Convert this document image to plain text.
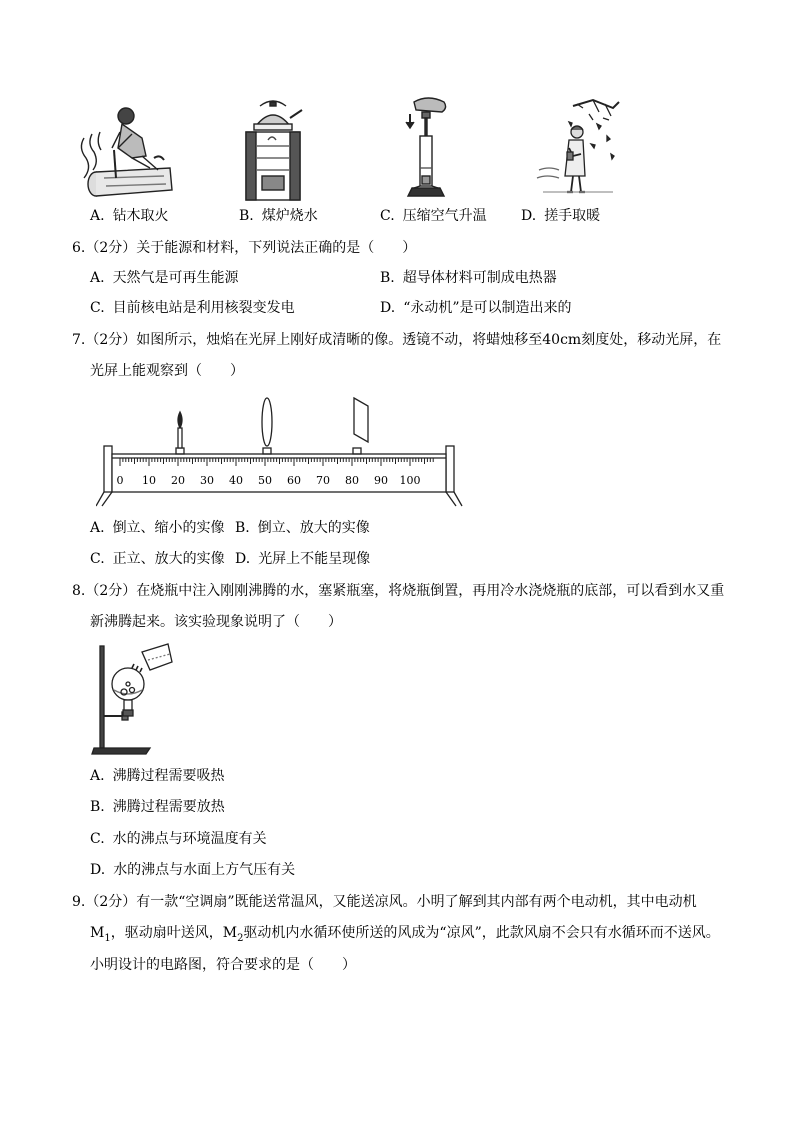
A. 钻木取火	B. 煤炉烧水	C. 压缩空气升温 D. 搓手取暖
6.（2分）关于能源和材料，下列说法正确的是（　　）
A. 天然气是可再生能源	B. 超导体材料可制成电热器
C. 目前核电站是利用核裂变发电	D. “永动机”是可以制造出来的
7.（2分）如图所示，烛焰在光屏上刚好成清晰的像。透镜不动，将蜡烛移至40cm刻度处，移动光屏，在
光屏上能观察到（　　）
0 10 20 30 40 50 60 70 80 90 100
A. 倒立、缩小的实像 B. 倒立、放大的实像
C. 正立、放大的实像 D. 光屏上不能呈现像
8.（2分）在烧瓶中注入刚刚沸腾的水，塞紧瓶塞，将烧瓶倒置，再用冷水浇烧瓶的底部，可以看到水又重
新沸腾起来。该实验现象说明了（　　）
A. 沸腾过程需要吸热
B. 沸腾过程需要放热
C. 水的沸点与环境温度有关
D. 水的沸点与水面上方气压有关
9.（2分）有一款“空调扇”既能送常温风，又能送凉风。小明了解到其内部有两个电动机，其中电动机
$M_1$，驱动扇叶送风，$M_2$驱动机内水循环使所送的风成为“凉风”，此款风扇不会只有水循环而不送风。
小明设计的电路图，符合要求的是（　　）
